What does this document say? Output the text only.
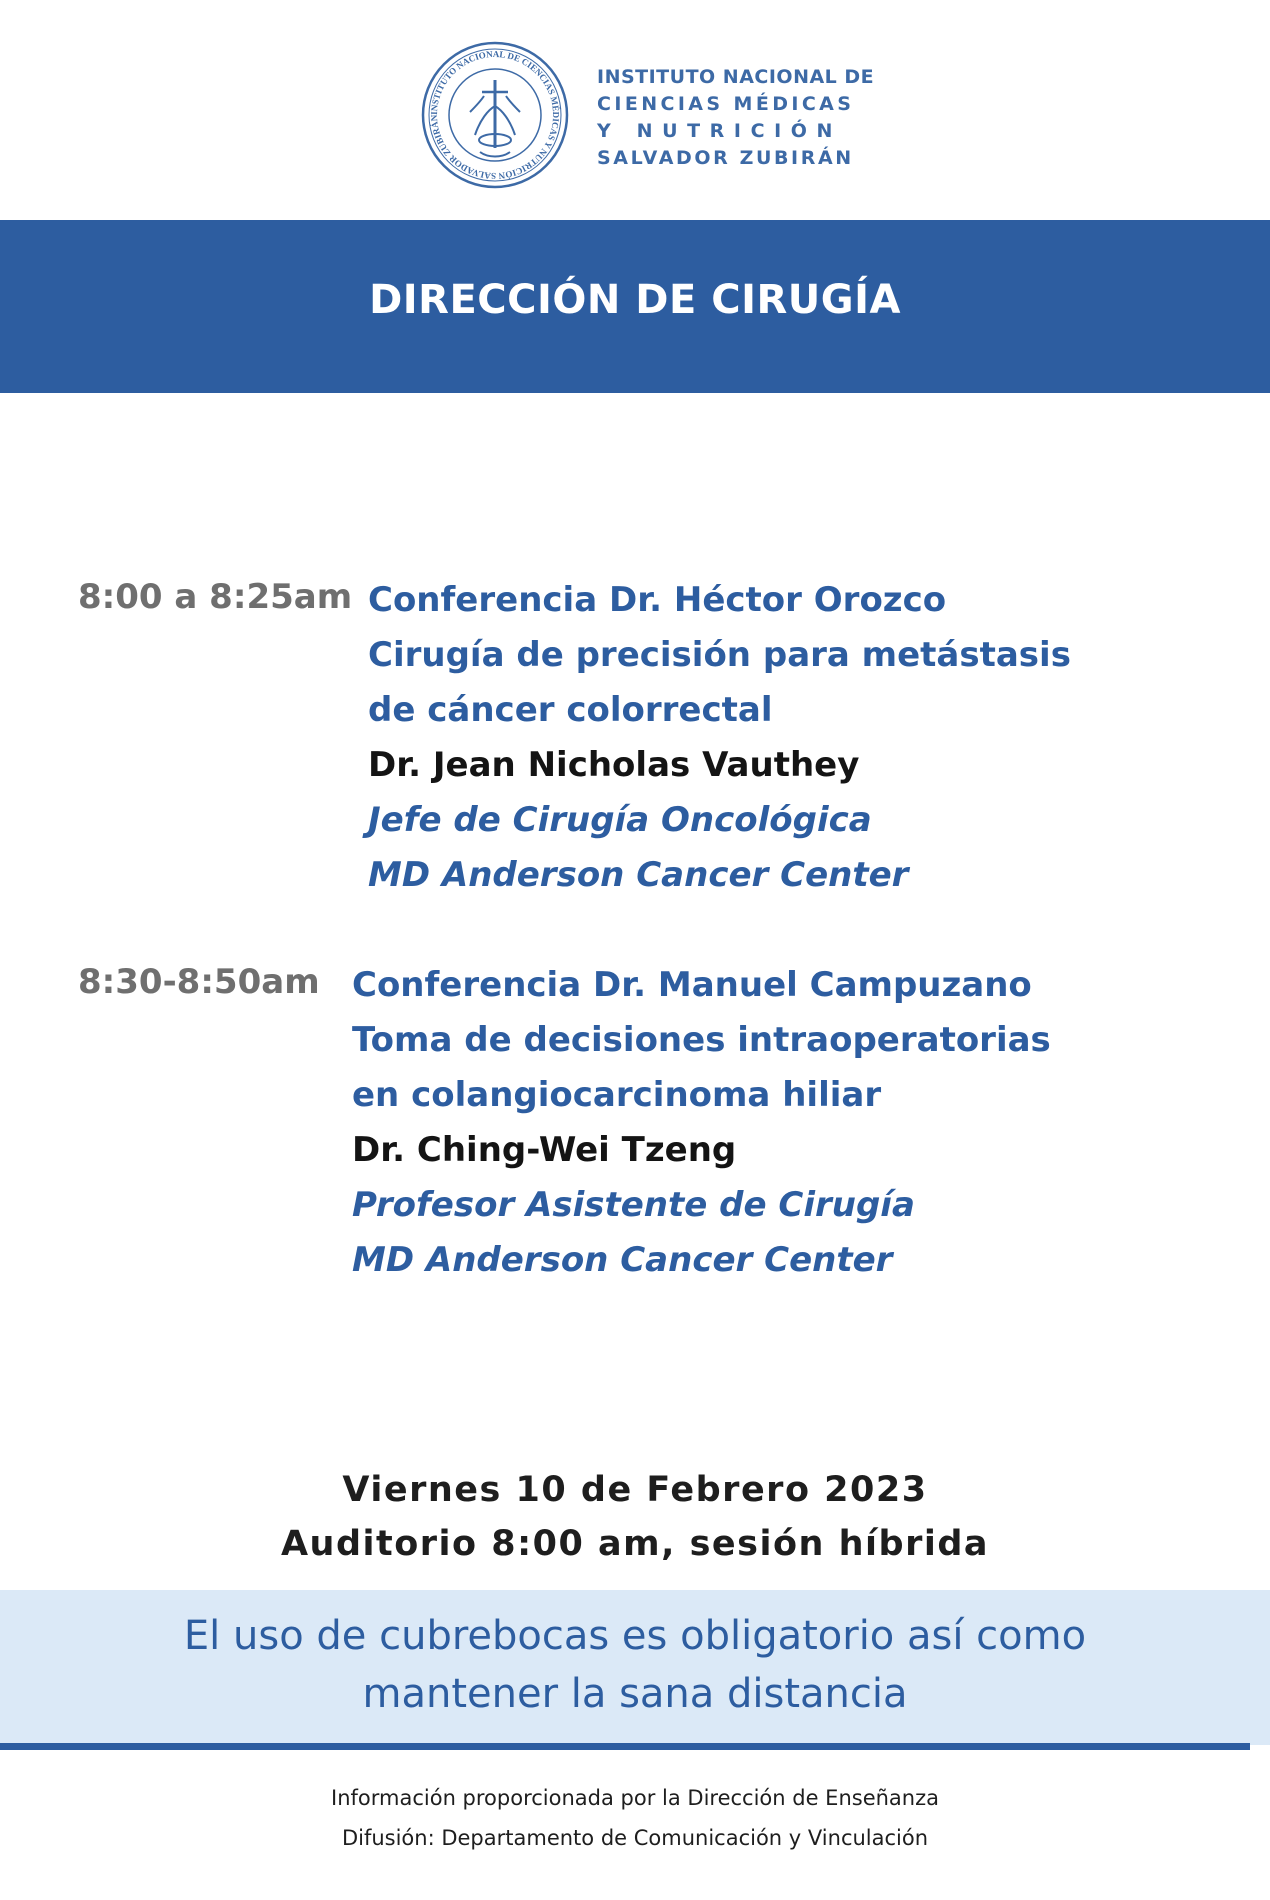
INSTITUTO NACIONAL DE CIENCIAS MÉDICAS Y NUTRICIÓN SALVADOR ZUBIRÁN
INSTITUTO NACIONAL DE
CIENCIAS MÉDICAS
Y NUTRICIÓN
SALVADOR ZUBIRÁN
DIRECCIÓN DE CIRUGÍA
8:00 a 8:25am Conferencia Dr. Héctor Orozco
Cirugía de precisión para metástasis
de cáncer colorrectal
Dr. Jean Nicholas Vauthey
Jefe de Cirugía Oncológica
MD Anderson Cancer Center
8:30-8:50am Conferencia Dr. Manuel Campuzano
Toma de decisiones intraoperatorias
en colangiocarcinoma hiliar
Dr. Ching-Wei Tzeng
Profesor Asistente de Cirugía
MD Anderson Cancer Center
Viernes 10 de Febrero 2023
Auditorio 8:00 am, sesión híbrida
El uso de cubrebocas es obligatorio así como
mantener la sana distancia
Información proporcionada por la Dirección de Enseñanza
Difusión: Departamento de Comunicación y Vinculación
